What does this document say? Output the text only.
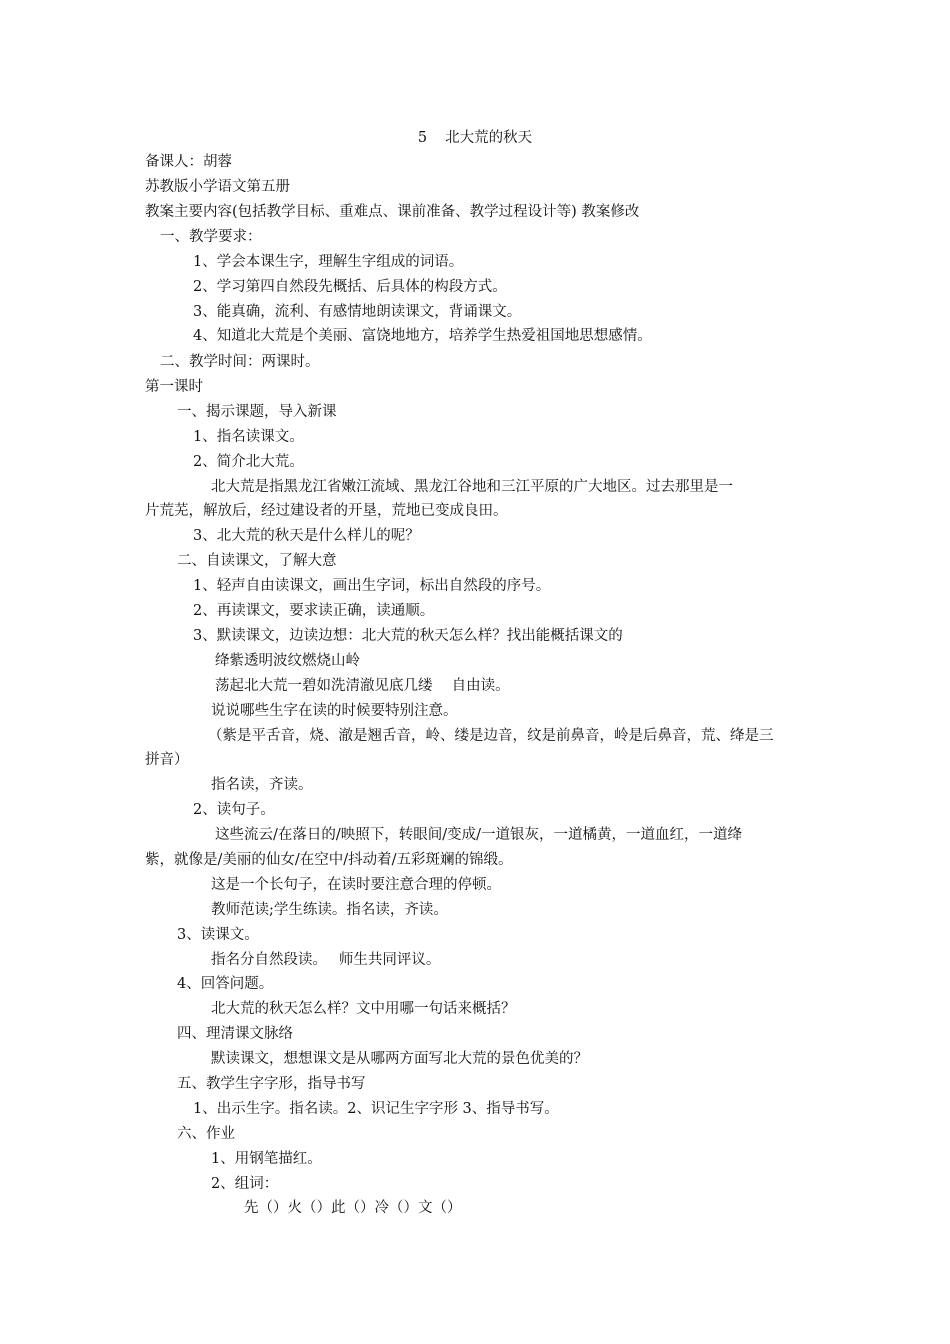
5 北大荒的秋天
备课人：胡蓉
苏教版小学语文第五册
教案主要内容(包括教学目标、重难点、课前准备、教学过程设计等) 教案修改
一、教学要求：
1、学会本课生字，理解生字组成的词语。
2、学习第四自然段先概括、后具体的构段方式。
3、能真确，流利、有感情地朗读课文，背诵课文。
4、知道北大荒是个美丽、富饶地地方，培养学生热爱祖国地思想感情。
二、教学时间：两课时。
第一课时
一、揭示课题，导入新课
1、指名读课文。
2、简介北大荒。
北大荒是指黑龙江省嫩江流域、黑龙江谷地和三江平原的广大地区。过去那里是一
片荒芜，解放后，经过建设者的开垦，荒地已变成良田。
3、北大荒的秋天是什么样儿的呢？
二、自读课文，了解大意
1、轻声自由读课文，画出生字词，标出自然段的序号。
2、再读课文，要求读正确，读通顺。
3、默读课文，边读边想：北大荒的秋天怎么样？找出能概括课文的
绛紫透明波纹燃烧山岭
荡起北大荒一碧如洗清澈见底几缕　 自由读。
说说哪些生字在读的时候要特别注意。
（紫是平舌音，烧、澈是翘舌音，岭、缕是边音，纹是前鼻音，岭是后鼻音，荒、绛是三
拼音）
指名读，齐读。
2、读句子。
这些流云/在落日的/映照下，转眼间/变成/一道银灰，一道橘黄，一道血红，一道绛
紫，就像是/美丽的仙女/在空中/抖动着/五彩斑斓的锦缎。
这是一个长句子，在读时要注意合理的停顿。
教师范读;学生练读。指名读，齐读。
3、读课文。
指名分自然段读。　 师生共同评议。
4、回答问题。
北大荒的秋天怎么样？文中用哪一句话来概括？
四、理清课文脉络
默读课文，想想课文是从哪两方面写北大荒的景色优美的？
五、教学生字字形，指导书写
1、出示生字。指名读。2、识记生字字形 3、指导书写。
六、作业
1、用钢笔描红。
2、组词：
先（）火（）此（）冷（）文（）
